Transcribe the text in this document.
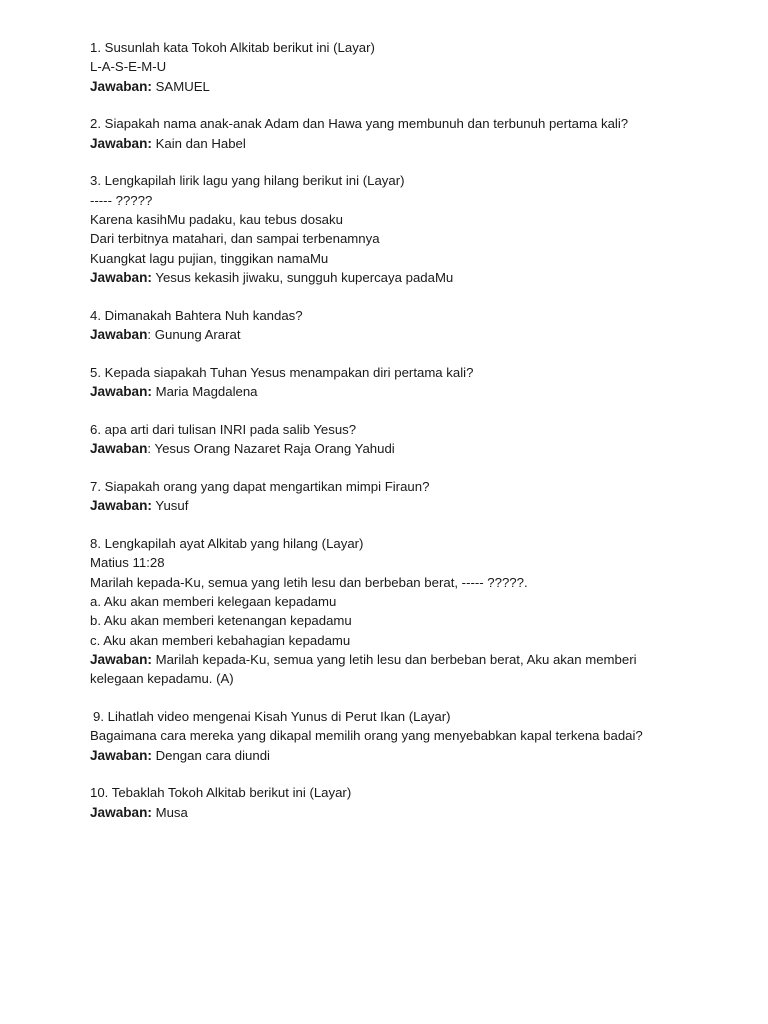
1. Susunlah kata Tokoh Alkitab berikut ini (Layar)
L-A-S-E-M-U
Jawaban: SAMUEL
2. Siapakah nama anak-anak Adam dan Hawa yang membunuh dan terbunuh pertama kali?
Jawaban: Kain dan Habel
3. Lengkapilah lirik lagu yang hilang berikut ini (Layar)
----- ?????
Karena kasihMu padaku, kau tebus dosaku
Dari terbitnya matahari, dan sampai terbenamnya
Kuangkat lagu pujian, tinggikan namaMu
Jawaban: Yesus kekasih jiwaku, sungguh kupercaya padaMu
4. Dimanakah Bahtera Nuh kandas?
Jawaban: Gunung Ararat
5. Kepada siapakah Tuhan Yesus menampakan diri pertama kali?
Jawaban: Maria Magdalena
6. apa arti dari tulisan INRI pada salib Yesus?
Jawaban: Yesus Orang Nazaret Raja Orang Yahudi
7. Siapakah orang yang dapat mengartikan mimpi Firaun?
Jawaban: Yusuf
8. Lengkapilah ayat Alkitab yang hilang (Layar)
Matius 11:28
Marilah kepada-Ku, semua yang letih lesu dan berbeban berat, ----- ?????.
a. Aku akan memberi kelegaan kepadamu
b. Aku akan memberi ketenangan kepadamu
c. Aku akan memberi kebahagian kepadamu
Jawaban: Marilah kepada-Ku, semua yang letih lesu dan berbeban berat, Aku akan memberi kelegaan kepadamu. (A)
9. Lihatlah video mengenai Kisah Yunus di Perut Ikan (Layar)
Bagaimana cara mereka yang dikapal memilih orang yang menyebabkan kapal terkena badai?
Jawaban: Dengan cara diundi
10. Tebaklah Tokoh Alkitab berikut ini (Layar)
Jawaban: Musa
